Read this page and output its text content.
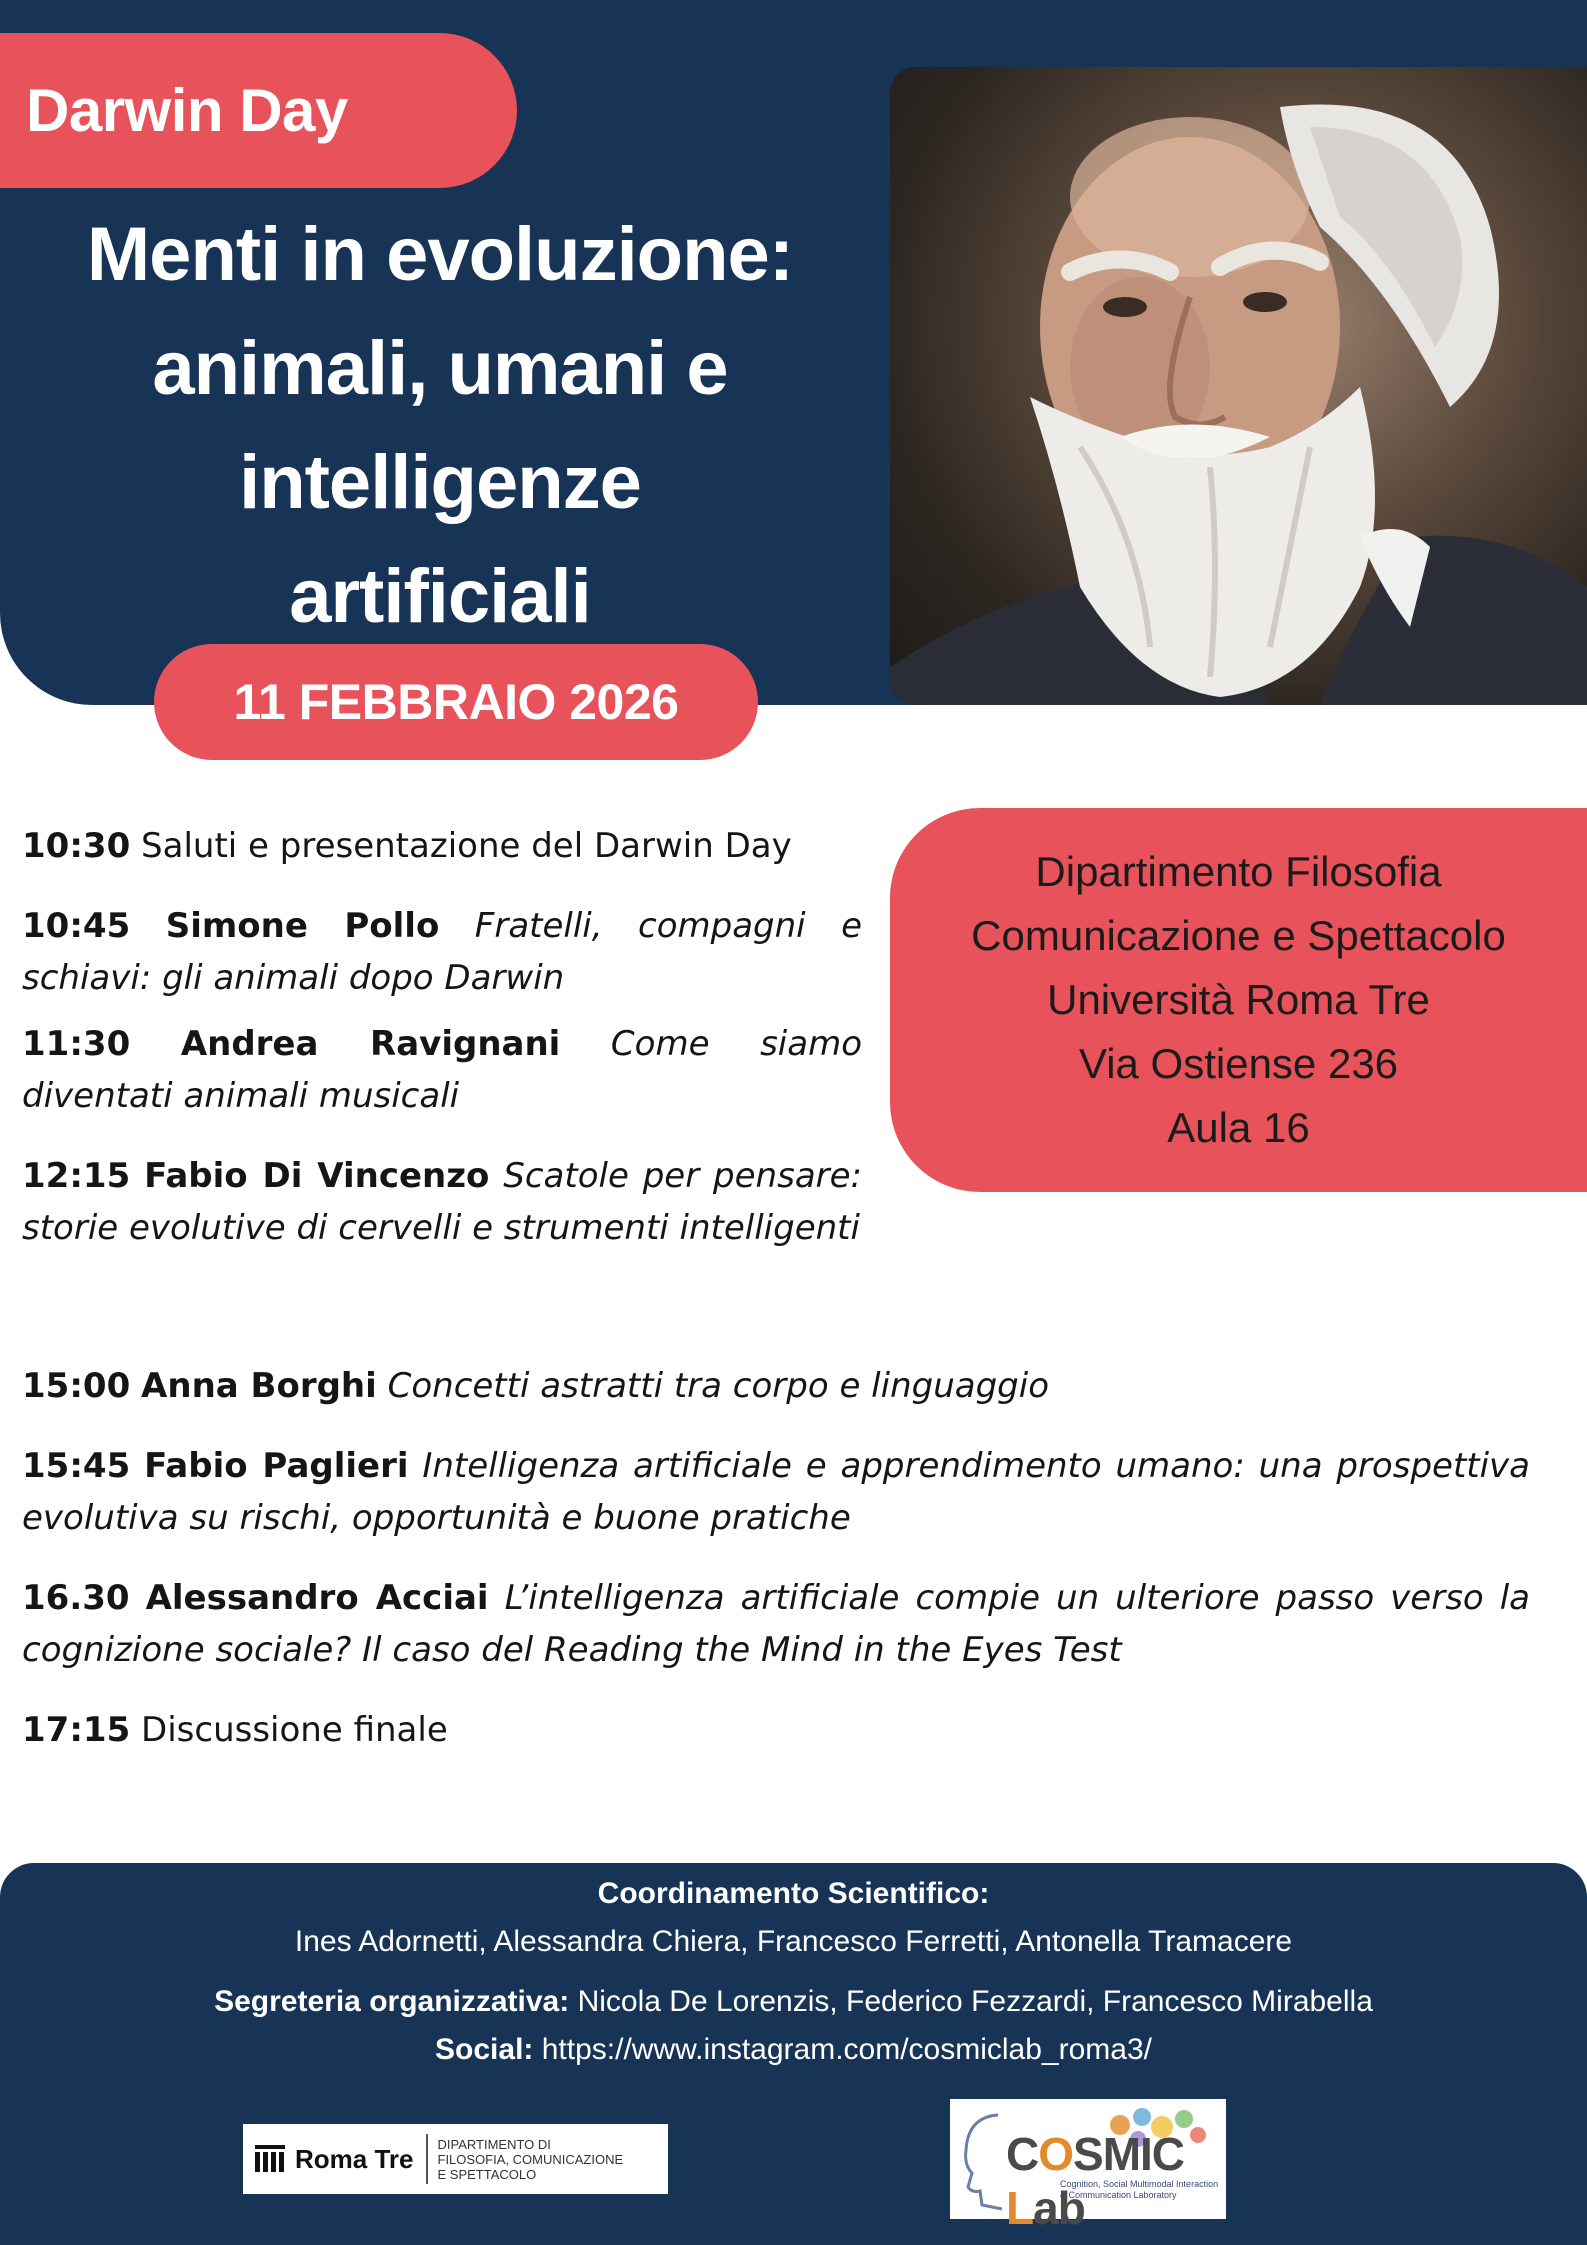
Darwin Day
Menti in evoluzione:
animali, umani e
intelligenze
artificiali
11 FEBBRAIO 2026

10:30 Saluti e presentazione del Darwin Day

10:45 Simone Pollo Fratelli, compagni e schiavi: gli animali dopo Darwin

11:30 Andrea Ravignani Come siamo diventati animali musicali

12:15 Fabio Di Vincenzo Scatole per pensare: storie evolutive di cervelli e strumenti intelligenti

15:00 Anna Borghi Concetti astratti tra corpo e linguaggio

15:45 Fabio Paglieri Intelligenza artificiale e apprendimento umano: una prospettiva evolutiva su rischi, opportunità e buone pratiche

16.30 Alessandro Acciai L’intelligenza artificiale compie un ulteriore passo verso la cognizione sociale? Il caso del Reading the Mind in the Eyes Test

17:15 Discussione finale

Dipartimento Filosofia
Comunicazione e Spettacolo
Università Roma Tre
Via Ostiense 236
Aula 16
Coordinamento Scientifico:
Ines Adornetti, Alessandra Chiera, Francesco Ferretti, Antonella Tramacere
Segreteria organizzativa: Nicola De Lorenzis, Federico Fezzardi, Francesco Mirabella
Social: https://www.instagram.com/cosmiclab_roma3/
Roma Tre DIPARTIMENTO DI
FILOSOFIA, COMUNICAZIONE
E SPETTACOLO	COSMIC Lab
Cognition, Social Multimodal Interaction & Communication Laboratory
